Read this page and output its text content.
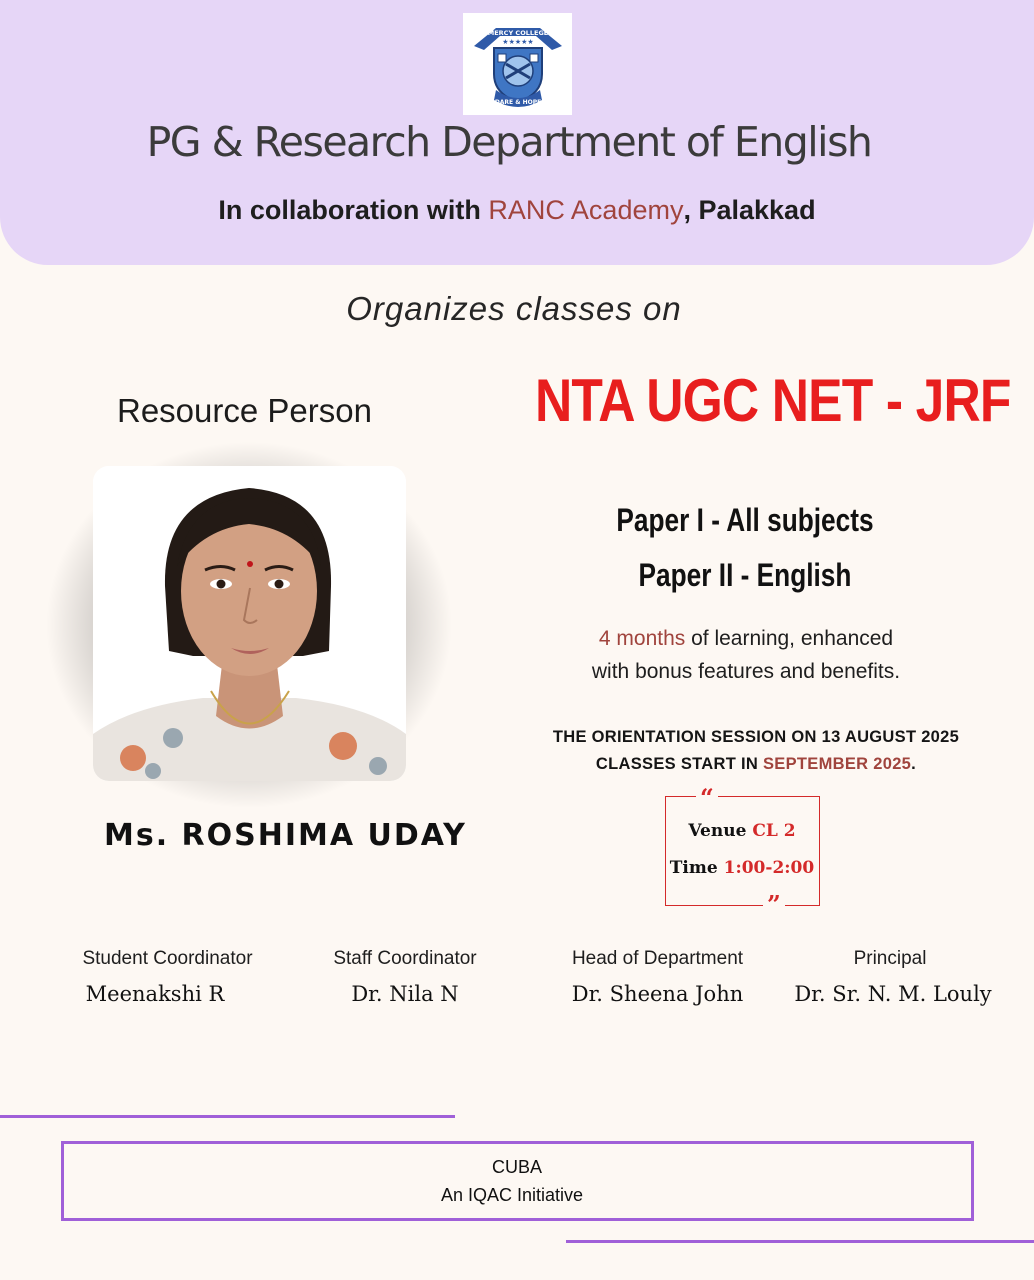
MERCY COLLEGE
★★★★★
DARE & HOPE
PG & Research Department of English
In collaboration with RANC Academy, Palakkad
Organizes classes on
Resource Person
Ms. ROSHIMA UDAY
NTA UGC NET - JRF
Paper I - All subjects
Paper II - English
4 months of learning, enhanced
with bonus features and benefits.
THE ORIENTATION SESSION ON 13 AUGUST 2025
CLASSES START IN SEPTEMBER 2025.
“
Venue CL 2
Time 1:00-2:00
”
Student Coordinator
Meenakshi R
Staff Coordinator
Dr. Nila N
Head of Department
Dr. Sheena John
Principal
Dr. Sr. N. M. Louly
CUBA
An IQAC Initiative
